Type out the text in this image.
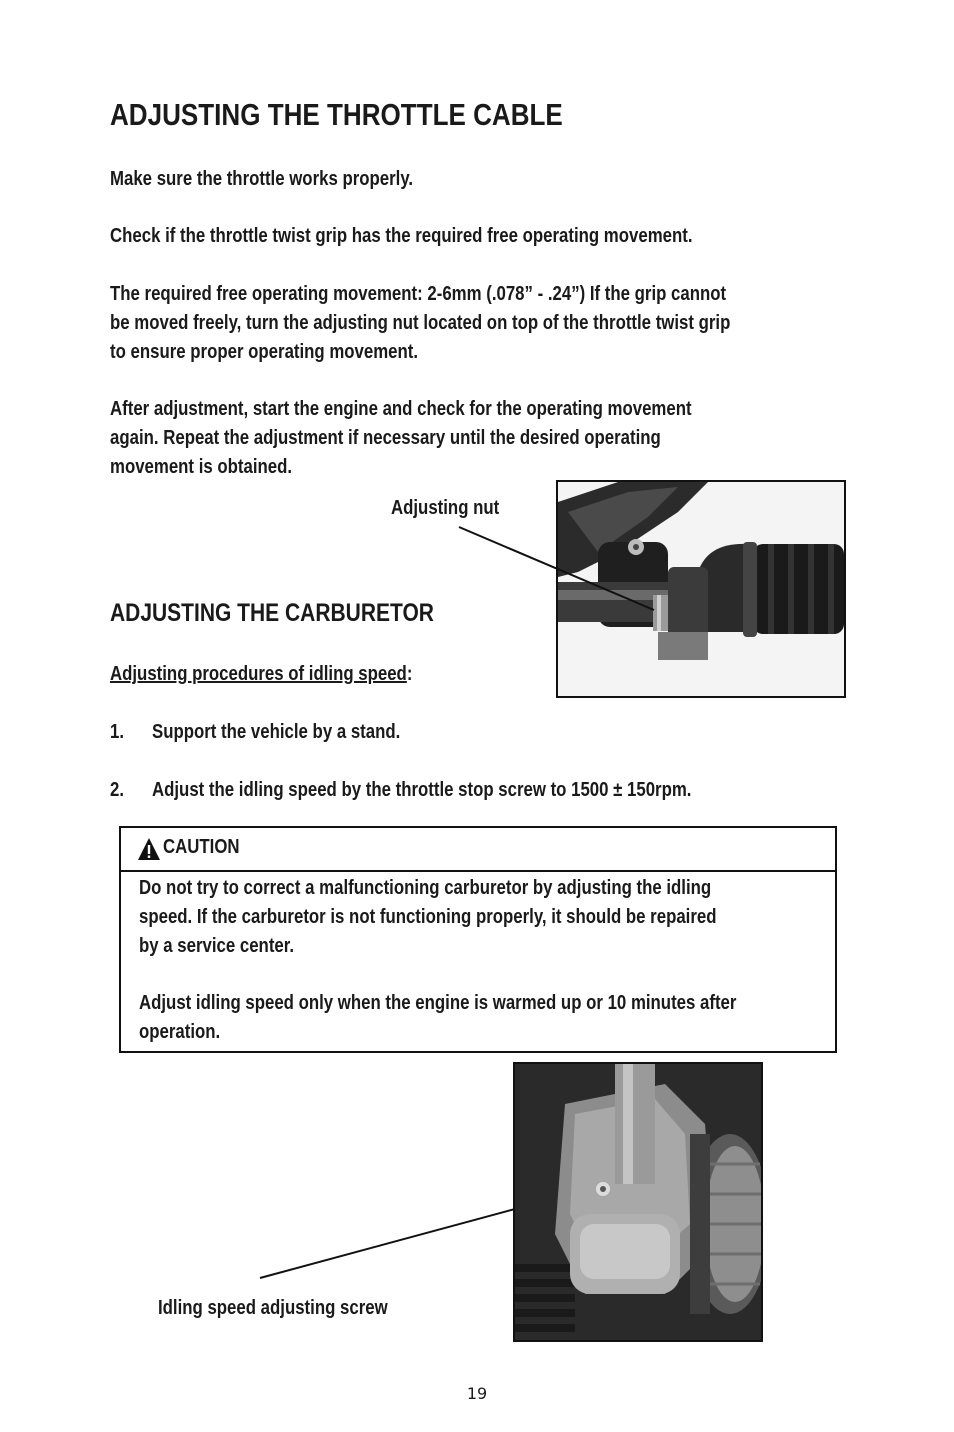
ADJUSTING THE THROTTLE CABLE
Make sure the throttle works properly.
Check if the throttle twist grip has the required free operating movement.
The required free operating movement: 2-6mm (.078” - .24”) If the grip cannot
be moved freely, turn the adjusting nut located on top of the throttle twist grip
to ensure proper operating movement.
After adjustment, start the engine and check for the operating movement
again. Repeat the adjustment if necessary until the desired operating
movement is obtained.
Adjusting nut
ADJUSTING THE CARBURETOR
Adjusting procedures of idling speed:
1. Support the vehicle by a stand.
2. Adjust the idling speed by the throttle stop screw to 1500 ± 150rpm.
CAUTION
Do not try to correct a malfunctioning carburetor by adjusting the idling
speed. If the carburetor is not functioning properly, it should be repaired
by a service center.
Adjust idling speed only when the engine is warmed up or 10 minutes after
operation.
Idling speed adjusting screw
19
